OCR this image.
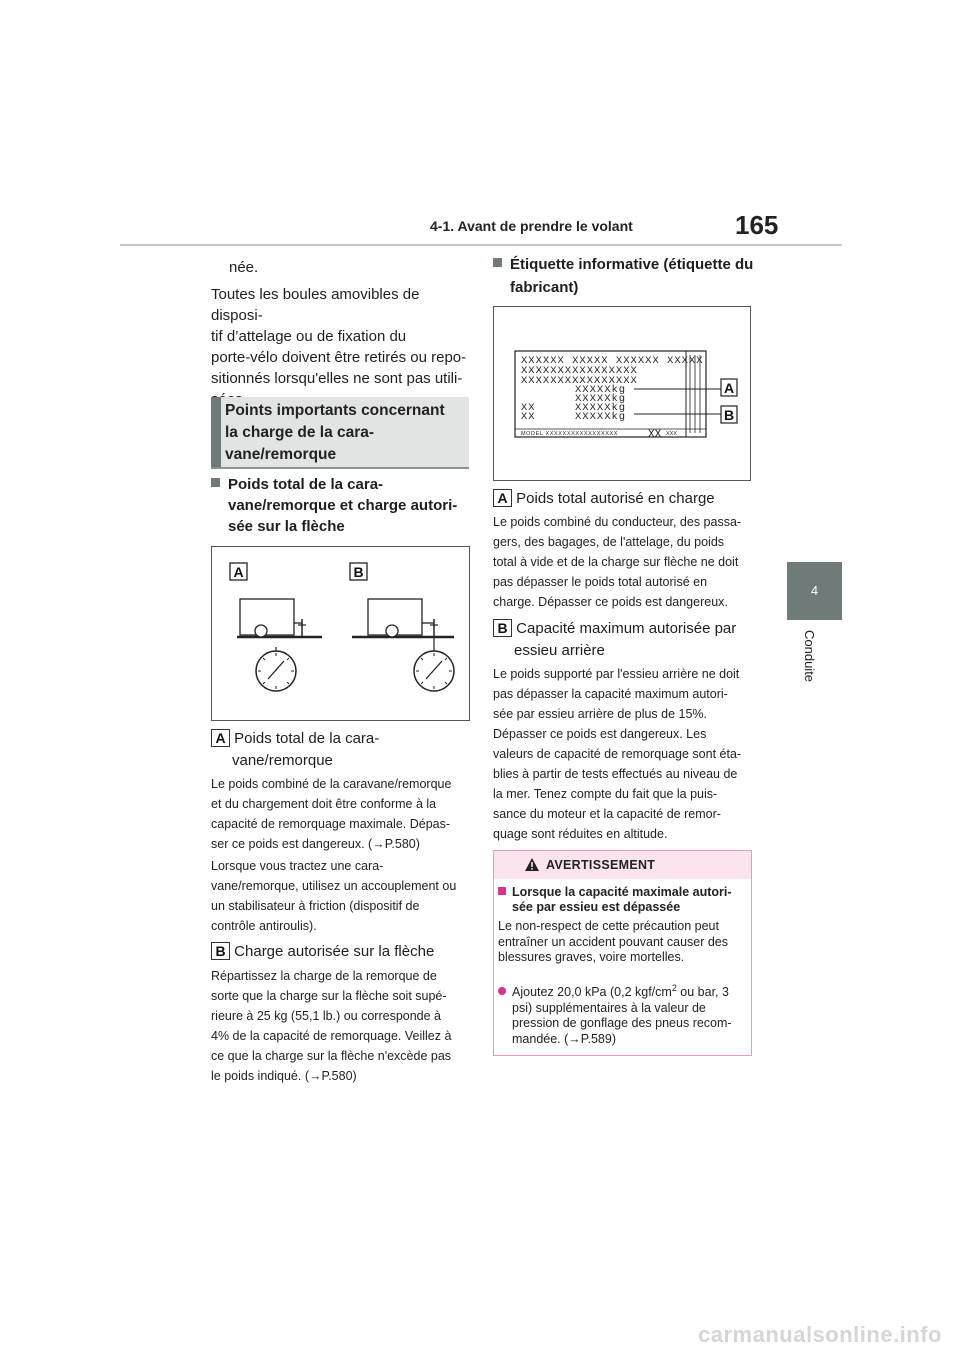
4-1. Avant de prendre le volant	165
4
Conduite
née.
Toutes les boules amovibles de disposi-
tif d’attelage ou de fixation du
porte-vélo doivent être retirés ou repo-
sitionnés lorsqu'elles ne sont pas utili-
Points importants concernant
la charge de la cara-
vane/remorque
Poids total de la cara-
vane/remorque et charge autori-
sée sur la flèche
A	B
A Poids total de la cara-
vane/remorque
Le poids combiné de la caravane/remorque
et du chargement doit être conforme à la
capacité de remorquage maximale. Dépas-
ser ce poids est dangereux. (→P.580)
Lorsque vous tractez une cara-
vane/remorque, utilisez un accouplement ou
un stabilisateur à friction (dispositif de
contrôle antiroulis).
B Charge autorisée sur la flèche
Répartissez la charge de la remorque de
sorte que la charge sur la flèche soit supé-
rieure à 25 kg (55,1 lb.) ou corresponde à
4% de la capacité de remorquage. Veillez à
ce que la charge sur la flèche n'excède pas
le poids indiqué. (→P.580)
Étiquette informative (étiquette du
fabricant)
XXXXXX XXXXX XXXXXX XXXXX
XXXXXXXXXXXXXXXX
XXXXXXXXXXXXXXXX
XXXXXkg
XXXXXkg
XXXXXkg
XXXXXkg
XX
XX
MODEL XXXXXXXXXXXXXXXXX	XX XXX
A
B
A Poids total autorisé en charge
Le poids combiné du conducteur, des passa-
gers, des bagages, de l'attelage, du poids
total à vide et de la charge sur flèche ne doit
pas dépasser le poids total autorisé en
charge. Dépasser ce poids est dangereux.
B Capacité maximum autorisée par
essieu arrière
Le poids supporté par l'essieu arrière ne doit
pas dépasser la capacité maximum autori-
sée par essieu arrière de plus de 15%.
Dépasser ce poids est dangereux. Les
valeurs de capacité de remorquage sont éta-
blies à partir de tests effectués au niveau de
la mer. Tenez compte du fait que la puis-
sance du moteur et la capacité de remor-
quage sont réduites en altitude.
AVERTISSEMENT
Lorsque la capacité maximale autori-
sée par essieu est dépassée
Le non-respect de cette précaution peut
entraîner un accident pouvant causer des
blessures graves, voire mortelles.
Ajoutez 20,0 kPa (0,2 kgf/$cm^2$ ou bar, 3
psi) supplémentaires à la valeur de
pression de gonflage des pneus recom-
mandée. (→P.589)
carmanualsonline.info
